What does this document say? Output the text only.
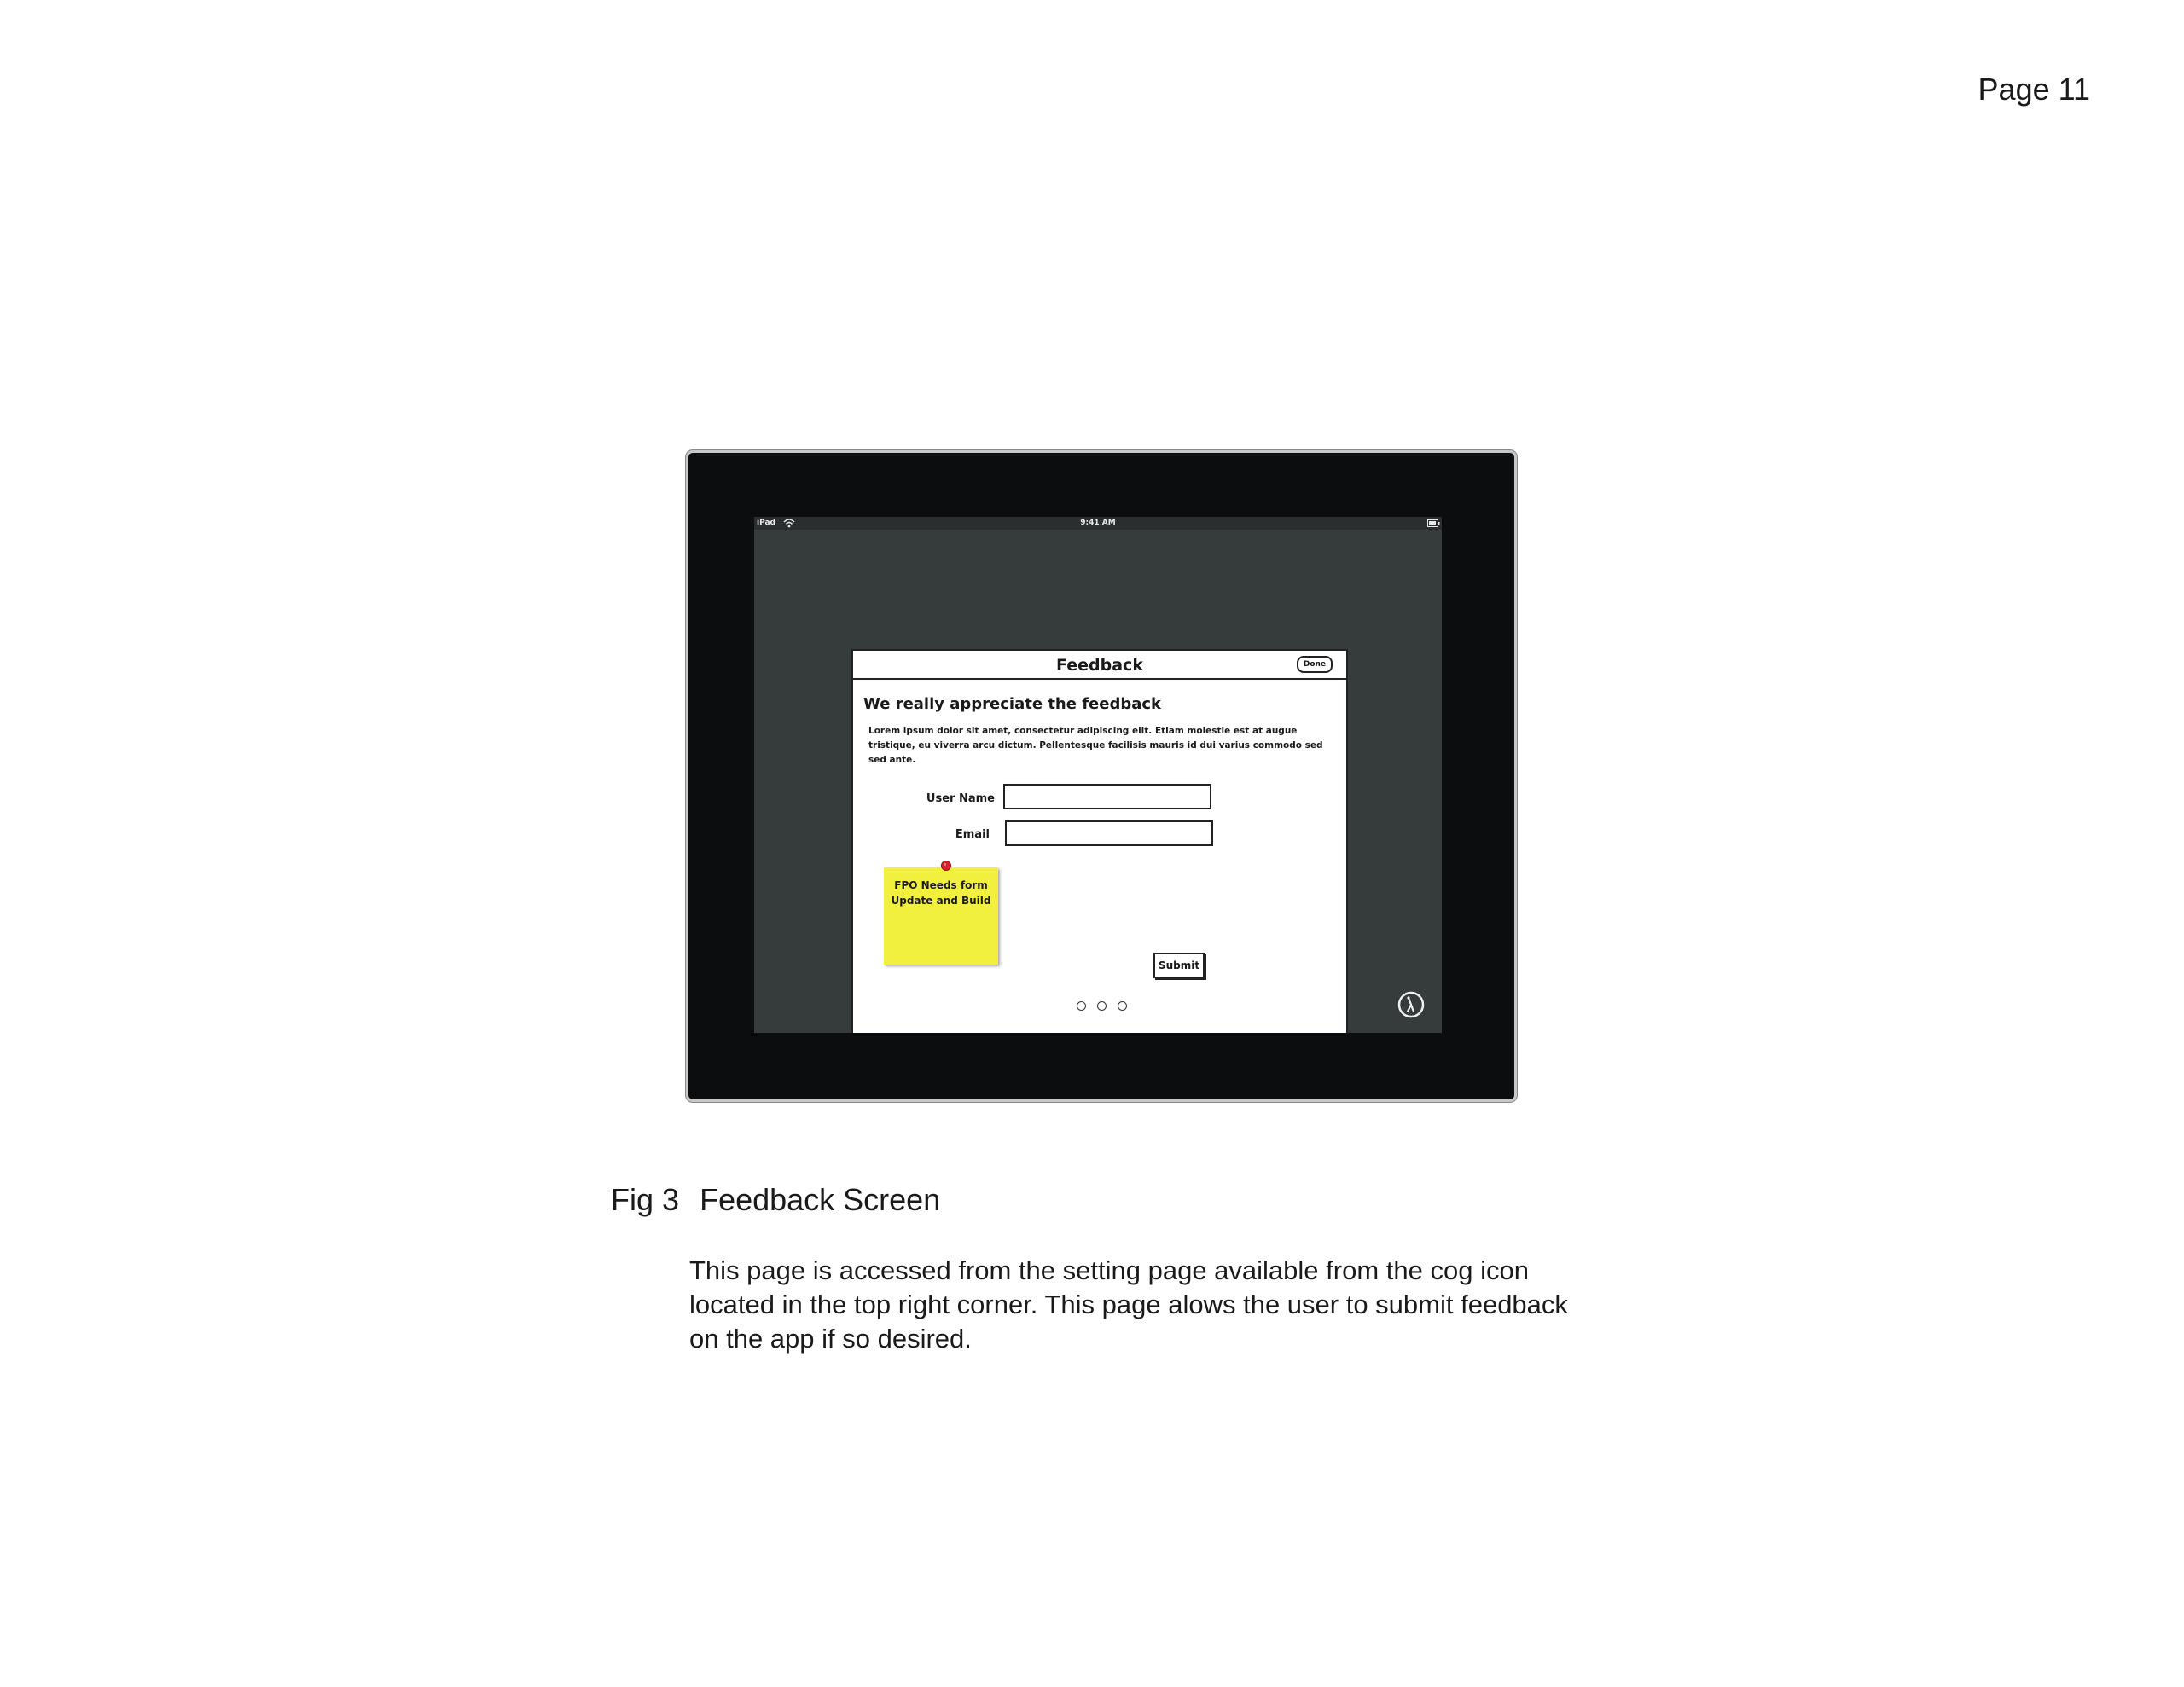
Page 11
iPad	9:41 AM
Feedback	Done
We really appreciate the feedback
Lorem ipsum dolor sit amet, consectetur adipiscing elit. Etiam molestie est at augue tristique, eu viverra arcu dictum. Pellentesque facilisis mauris id dui varius commodo sed sed ante.
User Name
Email
FPO Needs form
Update and Build
Submit
Fig 3 Feedback Screen
This page is accessed from the setting page available from the cog icon located in the top right corner. This page alows the user to submit feedback on the app if so desired.
